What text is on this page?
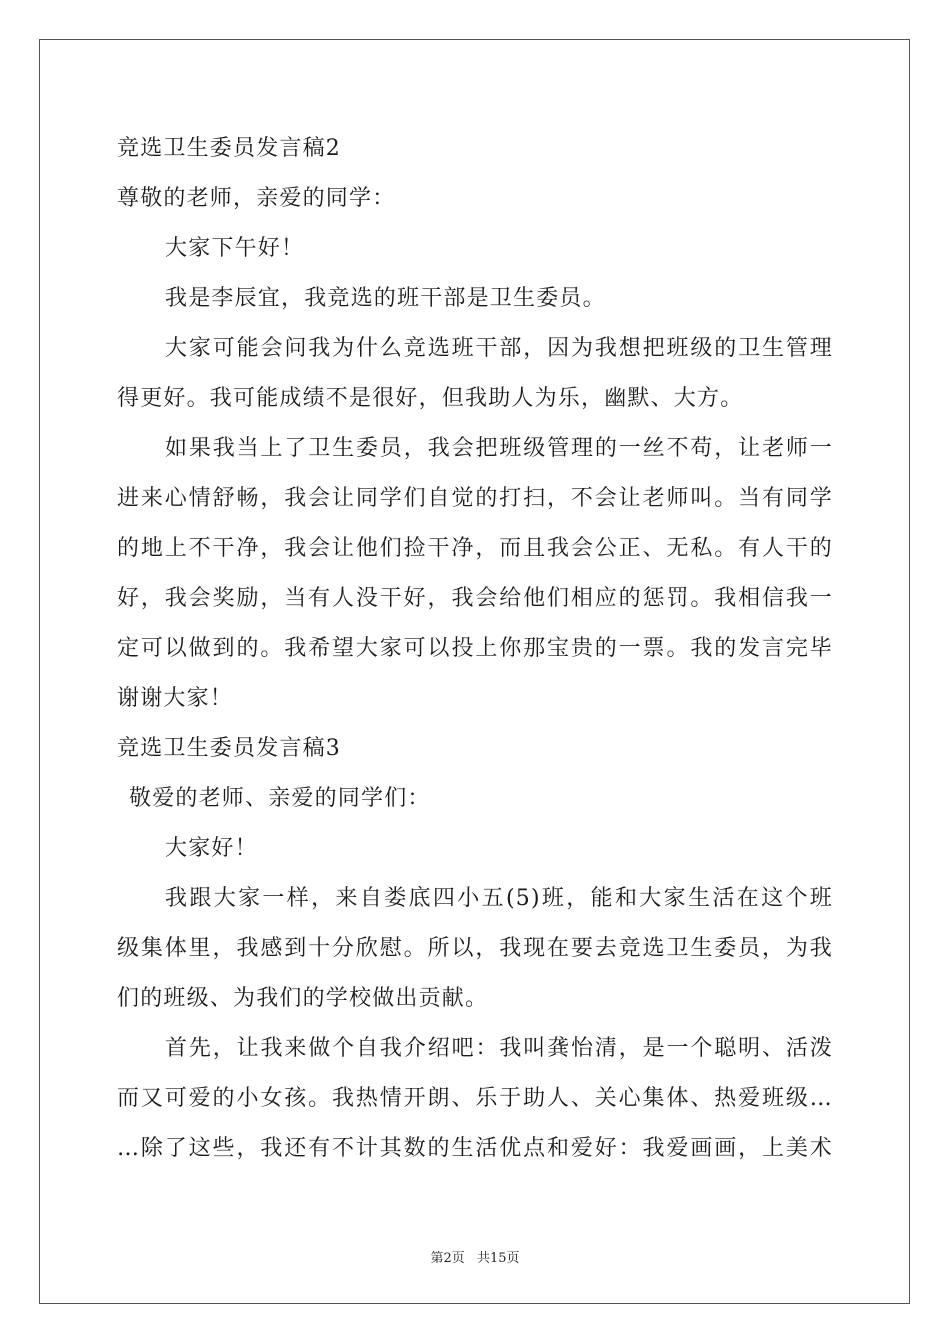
竞选卫生委员发言稿2
尊敬的老师，亲爱的同学：
大家下午好！
我是李辰宜，我竞选的班干部是卫生委员。
大家可能会问我为什么竞选班干部，因为我想把班级的卫生管理
得更好。我可能成绩不是很好，但我助人为乐，幽默、大方。
如果我当上了卫生委员，我会把班级管理的一丝不苟，让老师一
进来心情舒畅，我会让同学们自觉的打扫，不会让老师叫。当有同学
的地上不干净，我会让他们捡干净，而且我会公正、无私。有人干的
好，我会奖励，当有人没干好，我会给他们相应的惩罚。我相信我一
定可以做到的。我希望大家可以投上你那宝贵的一票。我的发言完毕
谢谢大家！
竞选卫生委员发言稿3
敬爱的老师、亲爱的同学们：
大家好！
我跟大家一样，来自娄底四小五(5)班，能和大家生活在这个班
级集体里，我感到十分欣慰。所以，我现在要去竞选卫生委员，为我
们的班级、为我们的学校做出贡献。
首先，让我来做个自我介绍吧：我叫龚怡清，是一个聪明、活泼
而又可爱的小女孩。我热情开朗、乐于助人、关心集体、热爱班级…
…除了这些，我还有不计其数的生活优点和爱好：我爱画画，上美术
第2页 共15页
